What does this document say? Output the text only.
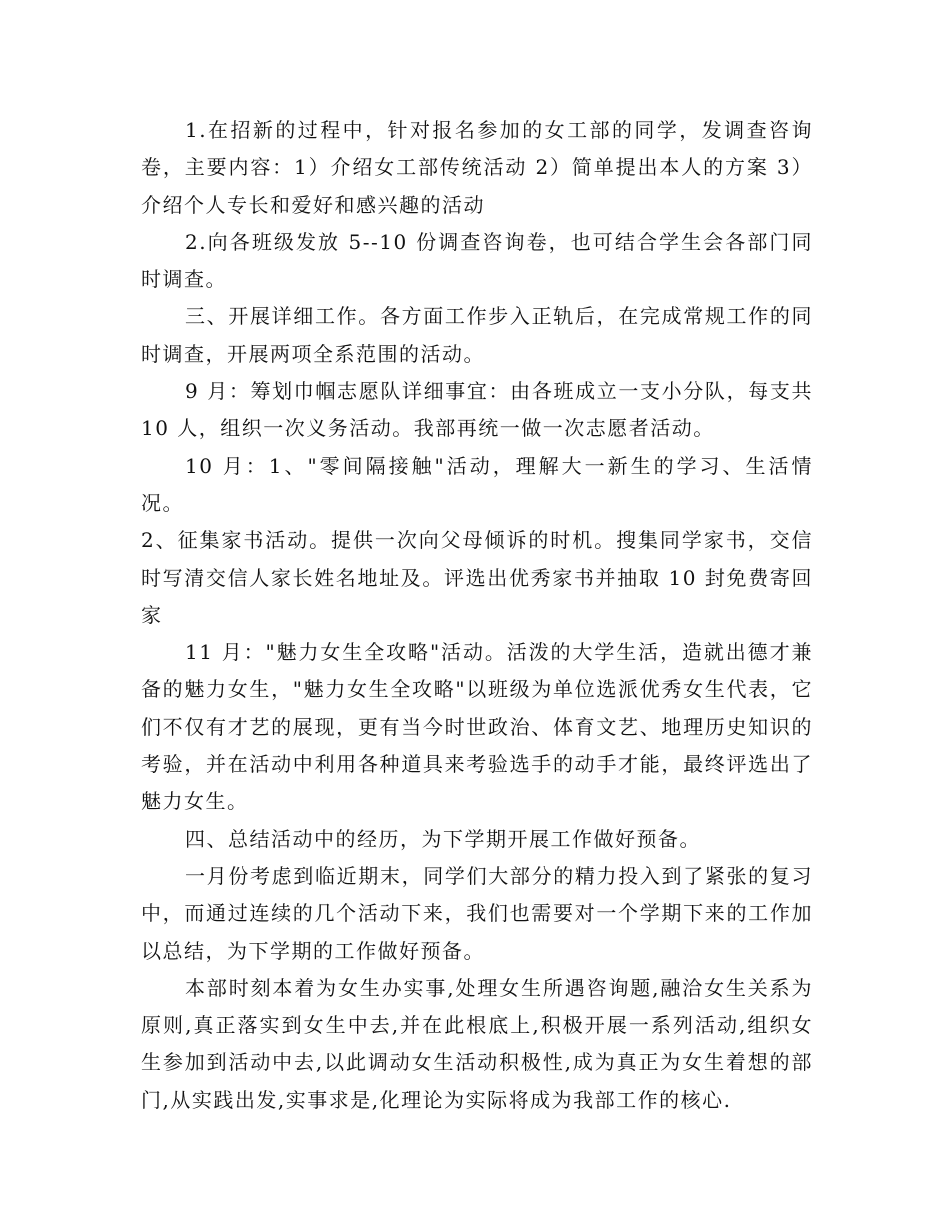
1.在招新的过程中，针对报名参加的女工部的同学，发调查咨询卷，主要内容：1）介绍女工部传统活动 2）简单提出本人的方案 3）介绍个人专长和爱好和感兴趣的活动

2.向各班级发放 5--10 份调查咨询卷，也可结合学生会各部门同时调查。

三、开展详细工作。各方面工作步入正轨后，在完成常规工作的同时调查，开展两项全系范围的活动。

9 月：筹划巾帼志愿队详细事宜：由各班成立一支小分队，每支共 10 人，组织一次义务活动。我部再统一做一次志愿者活动。

10 月：1、"零间隔接触"活动，理解大一新生的学习、生活情况。

2、征集家书活动。提供一次向父母倾诉的时机。搜集同学家书，交信时写清交信人家长姓名地址及。评选出优秀家书并抽取 10 封免费寄回家

11 月："魅力女生全攻略"活动。活泼的大学生活，造就出德才兼备的魅力女生，"魅力女生全攻略"以班级为单位选派优秀女生代表，它们不仅有才艺的展现，更有当今时世政治、体育文艺、地理历史知识的考验，并在活动中利用各种道具来考验选手的动手才能，最终评选出了魅力女生。

四、总结活动中的经历，为下学期开展工作做好预备。

一月份考虑到临近期末，同学们大部分的精力投入到了紧张的复习中，而通过连续的几个活动下来，我们也需要对一个学期下来的工作加以总结，为下学期的工作做好预备。

本部时刻本着为女生办实事,处理女生所遇咨询题,融洽女生关系为原则,真正落实到女生中去,并在此根底上,积极开展一系列活动,组织女生参加到活动中去,以此调动女生活动积极性,成为真正为女生着想的部门,从实践出发,实事求是,化理论为实际将成为我部工作的核心.
